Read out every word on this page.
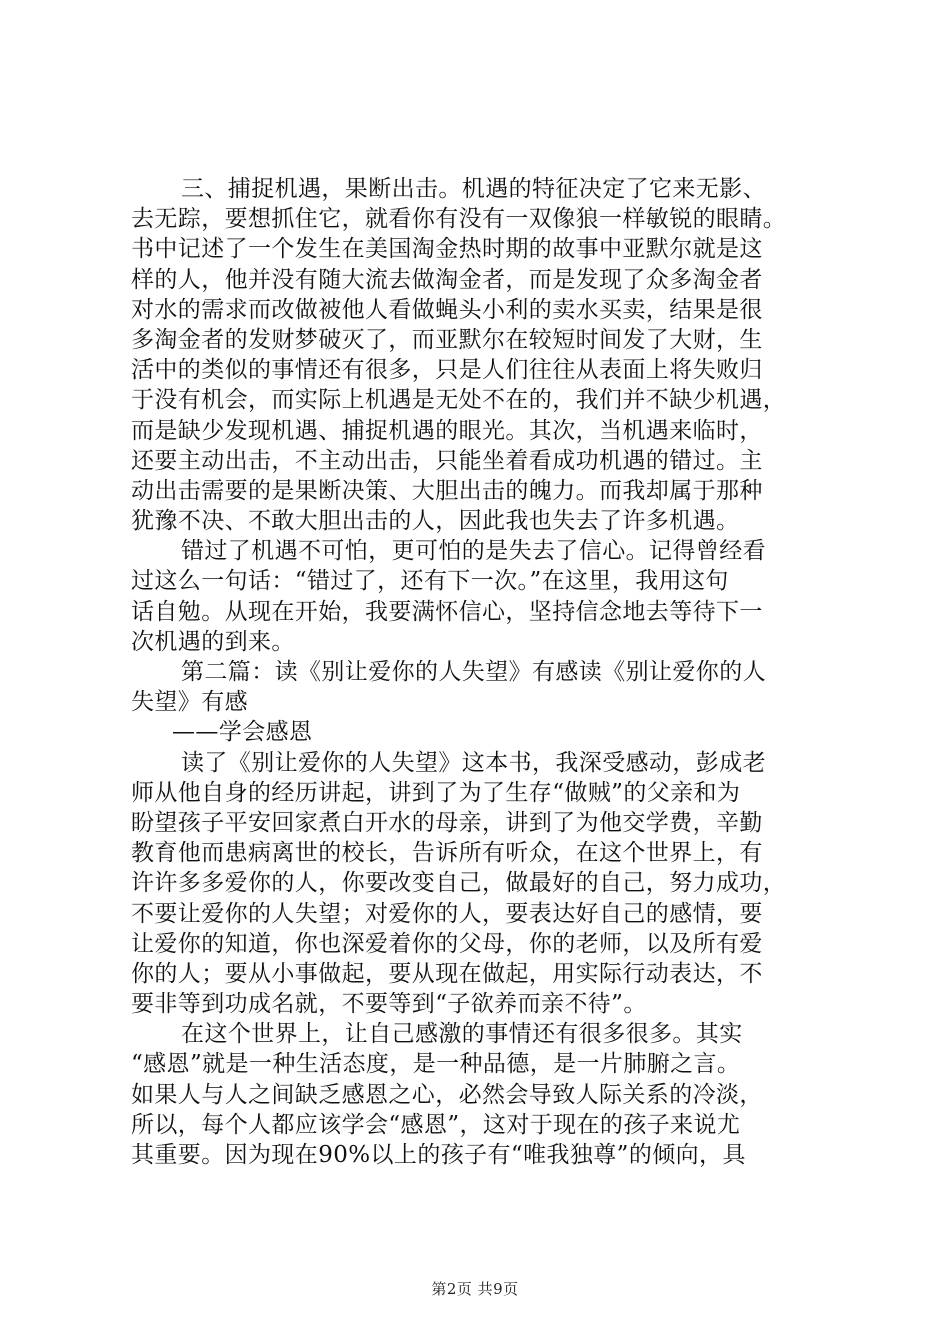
三、捕捉机遇，果断出击。机遇的特征决定了它来无影、
去无踪，要想抓住它，就看你有没有一双像狼一样敏锐的眼睛。
书中记述了一个发生在美国淘金热时期的故事中亚默尔就是这
样的人，他并没有随大流去做淘金者，而是发现了众多淘金者
对水的需求而改做被他人看做蝇头小利的卖水买卖，结果是很
多淘金者的发财梦破灭了，而亚默尔在较短时间发了大财，生
活中的类似的事情还有很多，只是人们往往从表面上将失败归
于没有机会，而实际上机遇是无处不在的，我们并不缺少机遇，
而是缺少发现机遇、捕捉机遇的眼光。其次，当机遇来临时，
还要主动出击，不主动出击，只能坐着看成功机遇的错过。主
动出击需要的是果断决策、大胆出击的魄力。而我却属于那种
犹豫不决、不敢大胆出击的人，因此我也失去了许多机遇。
错过了机遇不可怕，更可怕的是失去了信心。记得曾经看
过这么一句话：“错过了，还有下一次。”在这里，我用这句
话自勉。从现在开始，我要满怀信心，坚持信念地去等待下一
次机遇的到来。
第二篇：读《别让爱你的人失望》有感读《别让爱你的人
失望》有感
——学会感恩
读了《别让爱你的人失望》这本书，我深受感动，彭成老
师从他自身的经历讲起，讲到了为了生存“做贼”的父亲和为
盼望孩子平安回家煮白开水的母亲，讲到了为他交学费，辛勤
教育他而患病离世的校长，告诉所有听众，在这个世界上，有
许许多多爱你的人，你要改变自己，做最好的自己，努力成功，
不要让爱你的人失望；对爱你的人，要表达好自己的感情，要
让爱你的知道，你也深爱着你的父母，你的老师，以及所有爱
你的人；要从小事做起，要从现在做起，用实际行动表达，不
要非等到功成名就，不要等到“子欲养而亲不待”。
在这个世界上，让自己感激的事情还有很多很多。其实
“感恩”就是一种生活态度，是一种品德，是一片肺腑之言。
如果人与人之间缺乏感恩之心，必然会导致人际关系的冷淡，
所以，每个人都应该学会“感恩”，这对于现在的孩子来说尤
其重要。因为现在90%以上的孩子有“唯我独尊”的倾向，具
第2页 共9页
